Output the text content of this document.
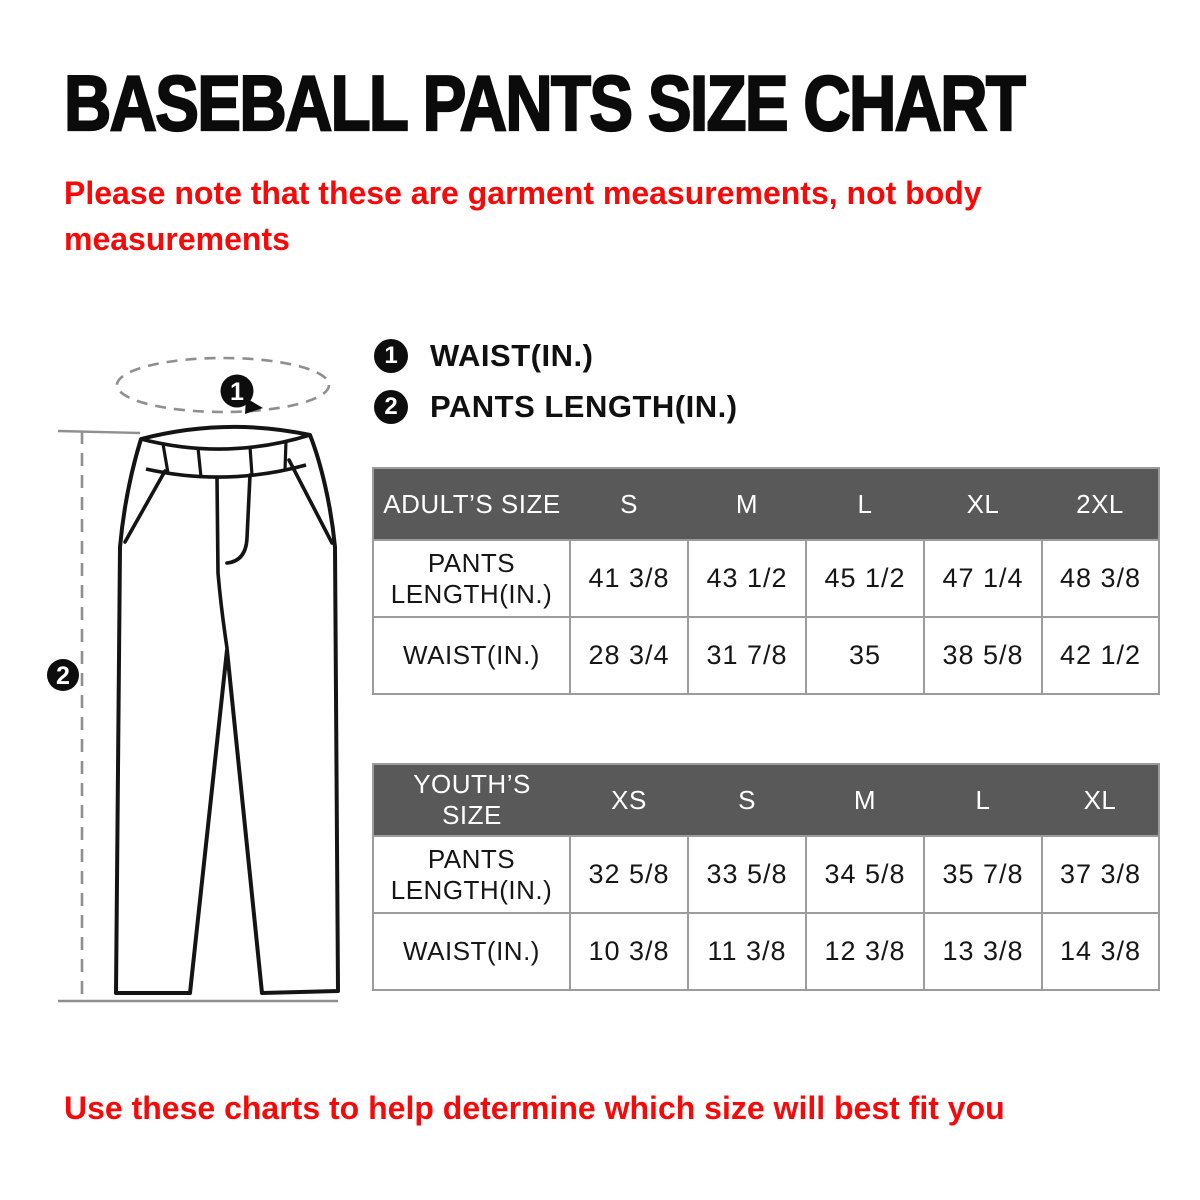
BASEBALL PANTS SIZE CHART
Please note that these are garment measurements, not body measurements
1
2
1	WAIST(IN.)
2	PANTS LENGTH(IN.)
ADULT’S SIZE	S	M	L	XL	2XL
PANTS LENGTH(IN.)	41 3/8	43 1/2	45 1/2	47 1/4	48 3/8
WAIST(IN.)	28 3/4	31 7/8	35	38 5/8	42 1/2
YOUTH’S SIZE	XS	S	M	L	XL
PANTS LENGTH(IN.)	32 5/8	33 5/8	34 5/8	35 7/8	37 3/8
WAIST(IN.)	10 3/8	11 3/8	12 3/8	13 3/8	14 3/8
Use these charts to help determine which size will best fit you
